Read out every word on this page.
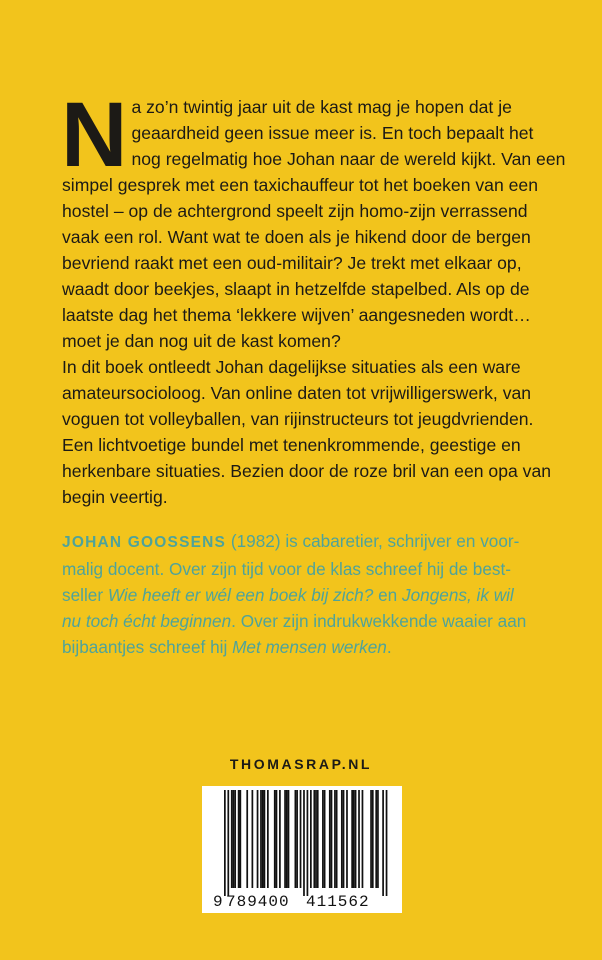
N a zo’n twintig jaar uit de kast mag je hopen dat je

geaardheid geen issue meer is. En toch bepaalt het

nog regelmatig hoe Johan naar de wereld kijkt. Van een

simpel gesprek met een taxichauffeur tot het boeken van een

hostel – op de achtergrond speelt zijn homo-zijn verrassend

vaak een rol. Want wat te doen als je hikend door de bergen

bevriend raakt met een oud-militair? Je trekt met elkaar op,

waadt door beekjes, slaapt in hetzelfde stapelbed. Als op de

laatste dag het thema ‘lekkere wijven’ aangesneden wordt…

moet je dan nog uit de kast komen?

In dit boek ontleedt Johan dagelijkse situaties als een ware

amateursocioloog. Van online daten tot vrijwilligerswerk, van

voguen tot volleyballen, van rijinstructeurs tot jeugdvrienden.

Een lichtvoetige bundel met tenenkrommende, geestige en

herkenbare situaties. Bezien door de roze bril van een opa van

begin veertig.

JOHAN GOOSSENS (1982) is cabaretier, schrijver en voor-

malig docent. Over zijn tijd voor de klas schreef hij de best-

seller Wie heeft er wél een boek bij zich? en Jongens, ik wil

nu toch écht beginnen. Over zijn indrukwekkende waaier aan

bijbaantjes schreef hij Met mensen werken.

THOMASRAP.NL
9 789400 411562
